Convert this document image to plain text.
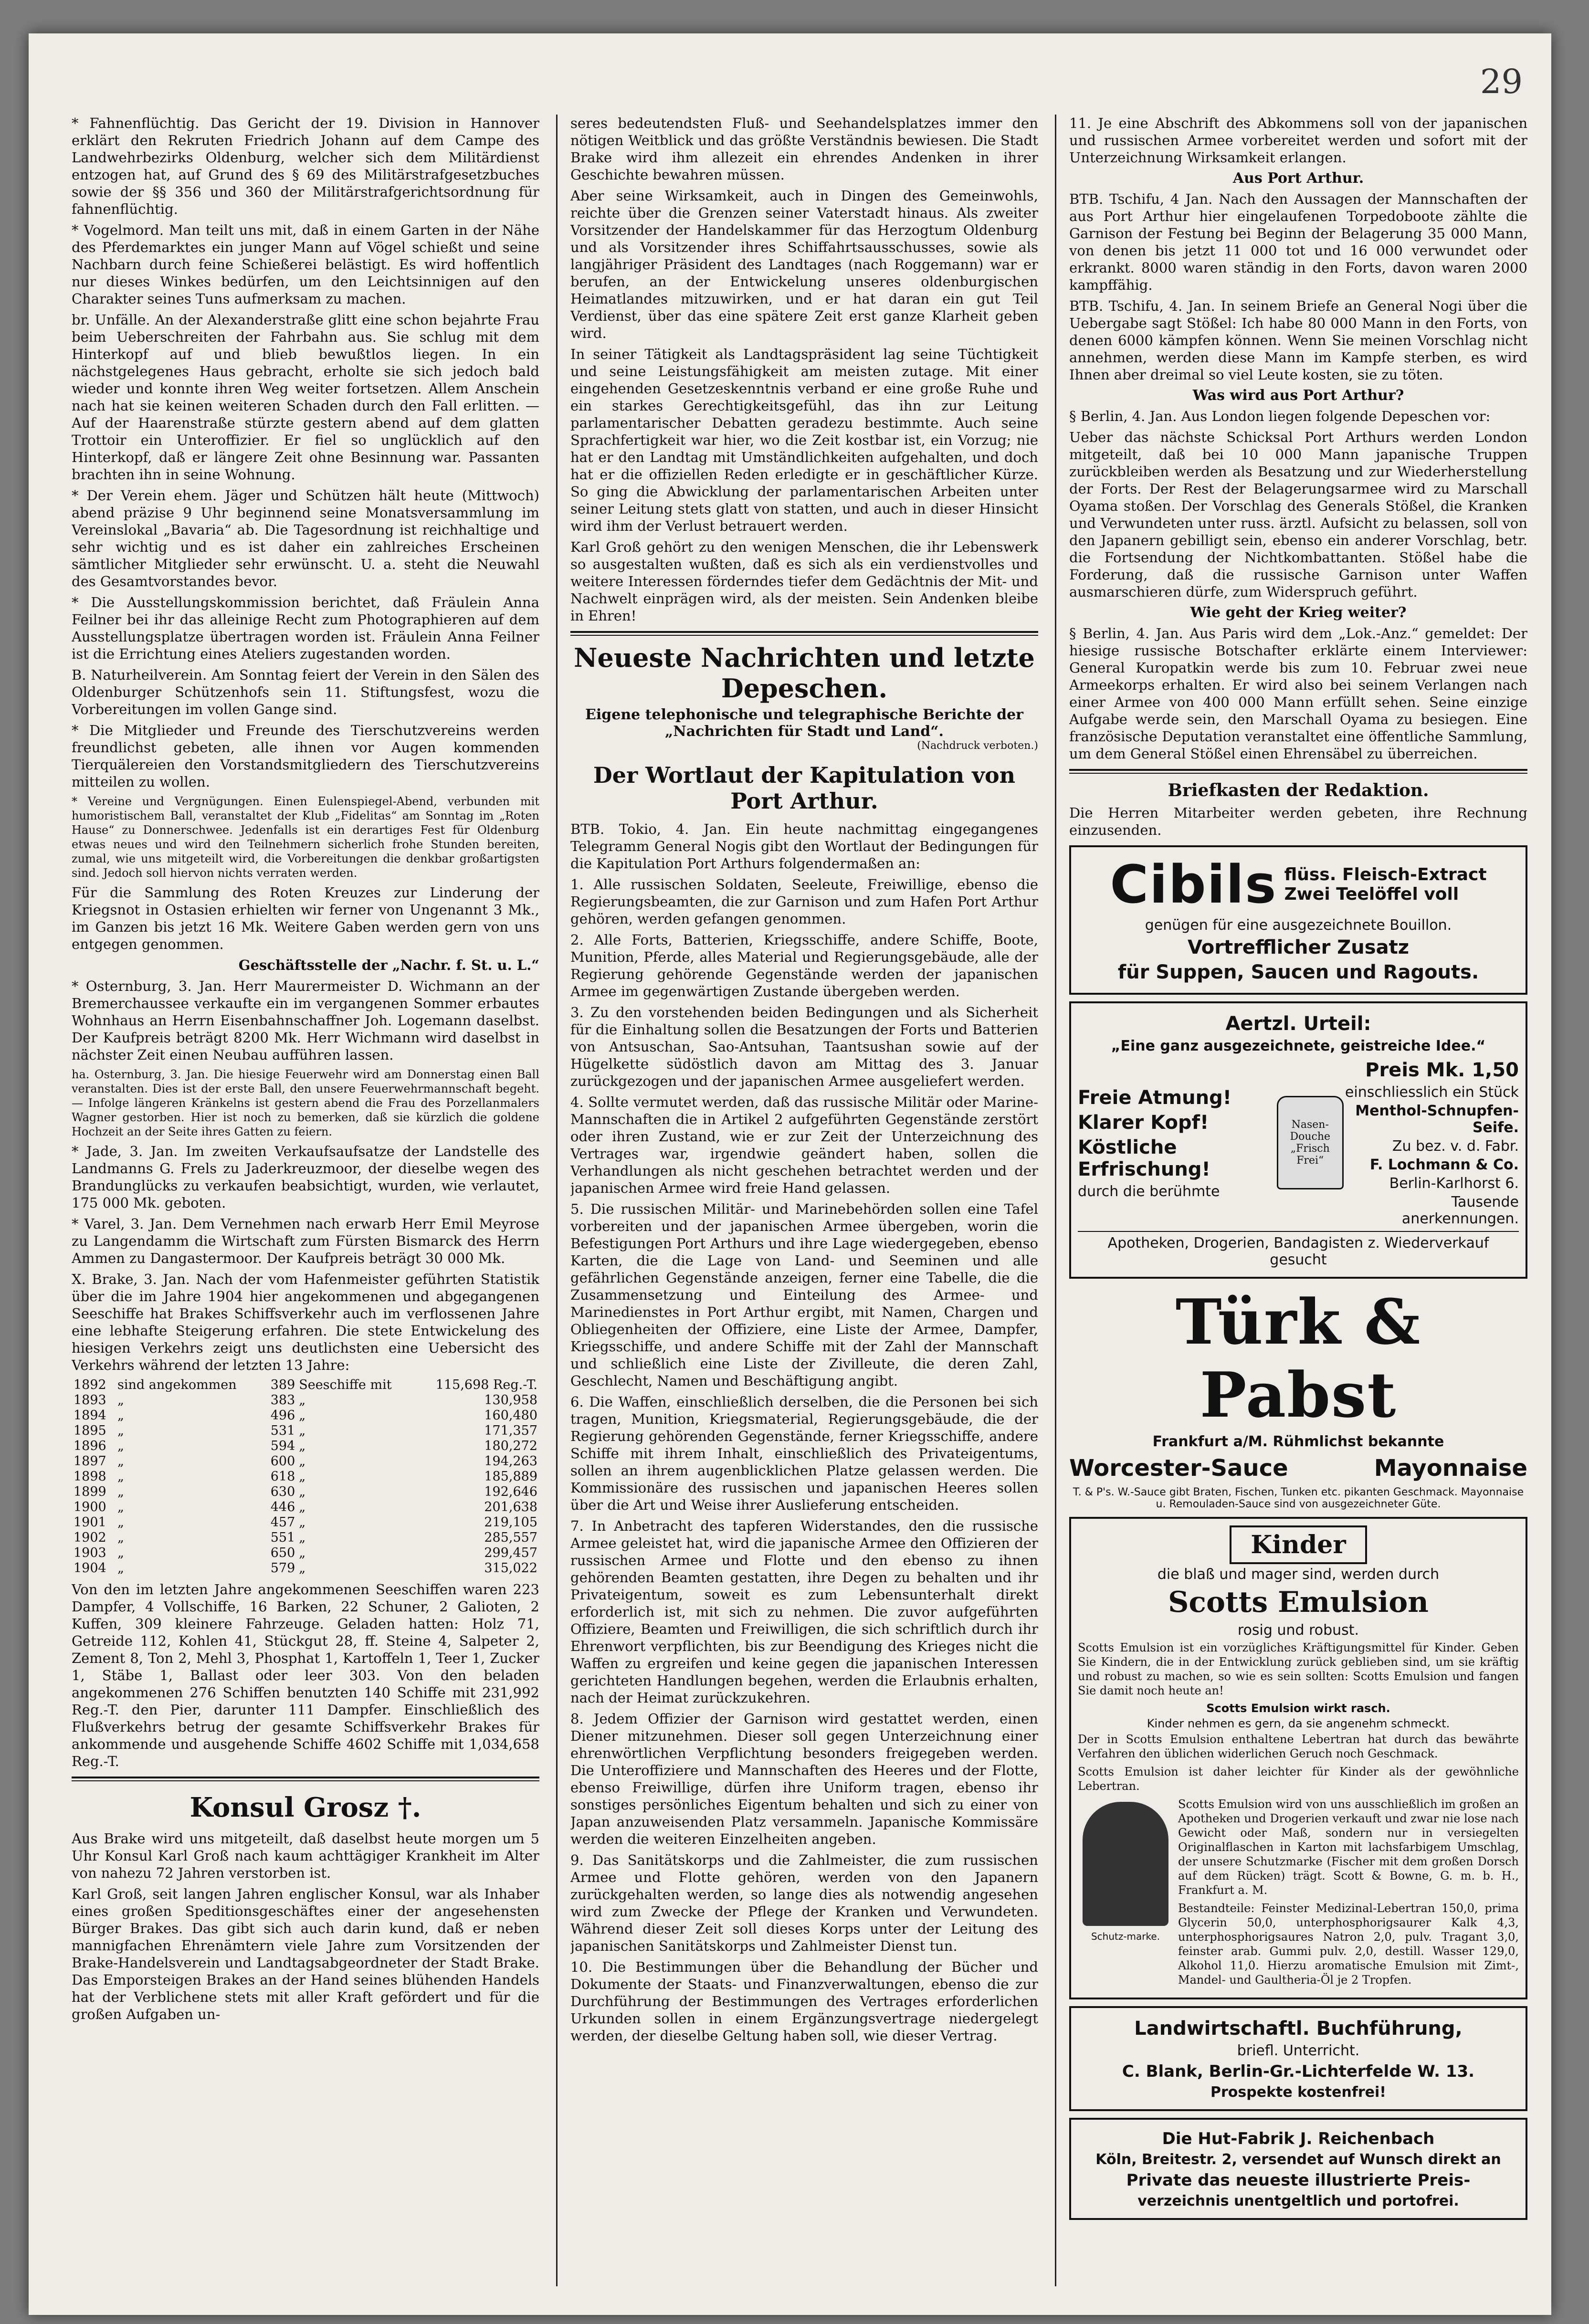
29

* Fahnenflüchtig. Das Gericht der 19. Division in Hannover erklärt den Rekruten Friedrich Johann auf dem Campe des Landwehrbezirks Oldenburg, welcher sich dem Militärdienst entzogen hat, auf Grund des § 69 des Militärstrafgesetzbuches sowie der §§ 356 und 360 der Militärstrafgerichtsordnung für fahnenflüchtig.

* Vogelmord. Man teilt uns mit, daß in einem Garten in der Nähe des Pferdemarktes ein junger Mann auf Vögel schießt und seine Nachbarn durch feine Schießerei belästigt. Es wird hoffentlich nur dieses Winkes bedürfen, um den Leichtsinnigen auf den Charakter seines Tuns aufmerksam zu machen.

br. Unfälle. An der Alexanderstraße glitt eine schon bejahrte Frau beim Ueberschreiten der Fahrbahn aus. Sie schlug mit dem Hinterkopf auf und blieb bewußtlos liegen. In ein nächstgelegenes Haus gebracht, erholte sie sich jedoch bald wieder und konnte ihren Weg weiter fortsetzen. Allem Anschein nach hat sie keinen weiteren Schaden durch den Fall erlitten. — Auf der Haarenstraße stürzte gestern abend auf dem glatten Trottoir ein Unteroffizier. Er fiel so unglücklich auf den Hinterkopf, daß er längere Zeit ohne Besinnung war. Passanten brachten ihn in seine Wohnung.

* Der Verein ehem. Jäger und Schützen hält heute (Mittwoch) abend präzise 9 Uhr beginnend seine Monatsversammlung im Vereinslokal „Bavaria“ ab. Die Tagesordnung ist reichhaltige und sehr wichtig und es ist daher ein zahlreiches Erscheinen sämtlicher Mitglieder sehr erwünscht. U. a. steht die Neuwahl des Gesamtvorstandes bevor.

* Die Ausstellungskommission berichtet, daß Fräulein Anna Feilner bei ihr das alleinige Recht zum Photographieren auf dem Ausstellungsplatze übertragen worden ist. Fräulein Anna Feilner ist die Errichtung eines Ateliers zugestanden worden.

B. Naturheilverein. Am Sonntag feiert der Verein in den Sälen des Oldenburger Schützenhofs sein 11. Stiftungsfest, wozu die Vorbereitungen im vollen Gange sind.

* Die Mitglieder und Freunde des Tierschutzvereins werden freundlichst gebeten, alle ihnen vor Augen kommenden Tierquälereien den Vorstandsmitgliedern des Tierschutzvereins mitteilen zu wollen.

* Vereine und Vergnügungen. Einen Eulenspiegel-Abend, verbunden mit humoristischem Ball, veranstaltet der Klub „Fidelitas“ am Sonntag im „Roten Hause“ zu Donnerschwee. Jedenfalls ist ein derartiges Fest für Oldenburg etwas neues und wird den Teilnehmern sicherlich frohe Stunden bereiten, zumal, wie uns mitgeteilt wird, die Vorbereitungen die denkbar großartigsten sind. Jedoch soll hiervon nichts verraten werden.

Für die Sammlung des Roten Kreuzes zur Linderung der Kriegsnot in Ostasien erhielten wir ferner von Ungenannt 3 Mk., im Ganzen bis jetzt 16 Mk. Weitere Gaben werden gern von uns entgegen genommen.

Geschäftsstelle der „Nachr. f. St. u. L.“

* Osternburg, 3. Jan. Herr Maurermeister D. Wichmann an der Bremerchaussee verkaufte ein im vergangenen Sommer erbautes Wohnhaus an Herrn Eisenbahnschaffner Joh. Logemann daselbst. Der Kaufpreis beträgt 8200 Mk. Herr Wichmann wird daselbst in nächster Zeit einen Neubau aufführen lassen.

ha. Osternburg, 3. Jan. Die hiesige Feuerwehr wird am Donnerstag einen Ball veranstalten. Dies ist der erste Ball, den unsere Feuerwehrmannschaft begeht. — Infolge längeren Kränkelns ist gestern abend die Frau des Porzellanmalers Wagner gestorben. Hier ist noch zu bemerken, daß sie kürzlich die goldene Hochzeit an der Seite ihres Gatten zu feiern.

* Jade, 3. Jan. Im zweiten Verkaufsaufsatze der Landstelle des Landmanns G. Frels zu Jaderkreuzmoor, der dieselbe wegen des Brandunglücks zu verkaufen beabsichtigt, wurden, wie verlautet, 175 000 Mk. geboten.

* Varel, 3. Jan. Dem Vernehmen nach erwarb Herr Emil Meyrose zu Langendamm die Wirtschaft zum Fürsten Bismarck des Herrn Ammen zu Dangastermoor. Der Kaufpreis beträgt 30 000 Mk.

X. Brake, 3. Jan. Nach der vom Hafenmeister geführten Statistik über die im Jahre 1904 hier angekommenen und abgegangenen Seeschiffe hat Brakes Schiffsverkehr auch im verflossenen Jahre eine lebhafte Steigerung erfahren. Die stete Entwickelung des hiesigen Verkehrs zeigt uns deutlichsten eine Uebersicht des Verkehrs während der letzten 13 Jahre:

1892	sind angekommen	389	Seeschiffe mit	115,698 Reg.-T.
1893	„	383	„	130,958
1894	„	496	„	160,480
1895	„	531	„	171,357
1896	„	594	„	180,272
1897	„	600	„	194,263
1898	„	618	„	185,889
1899	„	630	„	192,646
1900	„	446	„	201,638
1901	„	457	„	219,105
1902	„	551	„	285,557
1903	„	650	„	299,457
1904	„	579	„	315,022

Von den im letzten Jahre angekommenen Seeschiffen waren 223 Dampfer, 4 Vollschiffe, 16 Barken, 22 Schuner, 2 Galioten, 2 Kuffen, 309 kleinere Fahrzeuge. Geladen hatten: Holz 71, Getreide 112, Kohlen 41, Stückgut 28, ff. Steine 4, Salpeter 2, Zement 8, Ton 2, Mehl 3, Phosphat 1, Kartoffeln 1, Teer 1, Zucker 1, Stäbe 1, Ballast oder leer 303. Von den beladen angekommenen 276 Schiffen benutzten 140 Schiffe mit 231,992 Reg.-T. den Pier, darunter 111 Dampfer. Einschließlich des Flußverkehrs betrug der gesamte Schiffsverkehr Brakes für ankommende und ausgehende Schiffe 4602 Schiffe mit 1,034,658 Reg.-T.

Konsul Grosz †.

Aus Brake wird uns mitgeteilt, daß daselbst heute morgen um 5 Uhr Konsul Karl Groß nach kaum achttägiger Krankheit im Alter von nahezu 72 Jahren verstorben ist.

Karl Groß, seit langen Jahren englischer Konsul, war als Inhaber eines großen Speditionsgeschäftes einer der angesehensten Bürger Brakes. Das gibt sich auch darin kund, daß er neben mannigfachen Ehrenämtern viele Jahre zum Vorsitzenden der Brake-Handelsverein und Landtagsabgeordneter der Stadt Brake. Das Emporsteigen Brakes an der Hand seines blühenden Handels hat der Verblichene stets mit aller Kraft gefördert und für die großen Aufgaben un-

seres bedeutendsten Fluß- und Seehandelsplatzes immer den nötigen Weitblick und das größte Verständnis bewiesen. Die Stadt Brake wird ihm allezeit ein ehrendes Andenken in ihrer Geschichte bewahren müssen.

Aber seine Wirksamkeit, auch in Dingen des Gemeinwohls, reichte über die Grenzen seiner Vaterstadt hinaus. Als zweiter Vorsitzender der Handelskammer für das Herzogtum Oldenburg und als Vorsitzender ihres Schiffahrtsausschusses, sowie als langjähriger Präsident des Landtages (nach Roggemann) war er berufen, an der Entwickelung unseres oldenburgischen Heimatlandes mitzuwirken, und er hat daran ein gut Teil Verdienst, über das eine spätere Zeit erst ganze Klarheit geben wird.

In seiner Tätigkeit als Landtagspräsident lag seine Tüchtigkeit und seine Leistungsfähigkeit am meisten zutage. Mit einer eingehenden Gesetzeskenntnis verband er eine große Ruhe und ein starkes Gerechtigkeitsgefühl, das ihn zur Leitung parlamentarischer Debatten geradezu bestimmte. Auch seine Sprachfertigkeit war hier, wo die Zeit kostbar ist, ein Vorzug; nie hat er den Landtag mit Umständlichkeiten aufgehalten, und doch hat er die offiziellen Reden erledigte er in geschäftlicher Kürze. So ging die Abwicklung der parlamentarischen Arbeiten unter seiner Leitung stets glatt von statten, und auch in dieser Hinsicht wird ihm der Verlust betrauert werden.

Karl Groß gehört zu den wenigen Menschen, die ihr Lebenswerk so ausgestalten wußten, daß es sich als ein verdienstvolles und weitere Interessen förderndes tiefer dem Gedächtnis der Mit- und Nachwelt einprägen wird, als der meisten. Sein Andenken bleibe in Ehren!

Neueste Nachrichten und letzte Depeschen.
Eigene telephonische und telegraphische Berichte der „Nachrichten für Stadt und Land“.
(Nachdruck verboten.)
Der Wortlaut der Kapitulation von Port Arthur.

BTB. Tokio, 4. Jan. Ein heute nachmittag eingegangenes Telegramm General Nogis gibt den Wortlaut der Bedingungen für die Kapitulation Port Arthurs folgendermaßen an:

1. Alle russischen Soldaten, Seeleute, Freiwillige, ebenso die Regierungsbeamten, die zur Garnison und zum Hafen Port Arthur gehören, werden gefangen genommen.

2. Alle Forts, Batterien, Kriegsschiffe, andere Schiffe, Boote, Munition, Pferde, alles Material und Regierungsgebäude, alle der Regierung gehörende Gegenstände werden der japanischen Armee im gegenwärtigen Zustande übergeben werden.

3. Zu den vorstehenden beiden Bedingungen und als Sicherheit für die Einhaltung sollen die Besatzungen der Forts und Batterien von Antsuschan, Sao-Antsuhan, Taantsushan sowie auf der Hügelkette südöstlich davon am Mittag des 3. Januar zurückgezogen und der japanischen Armee ausgeliefert werden.

4. Sollte vermutet werden, daß das russische Militär oder Marine-Mannschaften die in Artikel 2 aufgeführten Gegenstände zerstört oder ihren Zustand, wie er zur Zeit der Unterzeichnung des Vertrages war, irgendwie geändert haben, sollen die Verhandlungen als nicht geschehen betrachtet werden und der japanischen Armee wird freie Hand gelassen.

5. Die russischen Militär- und Marinebehörden sollen eine Tafel vorbereiten und der japanischen Armee übergeben, worin die Befestigungen Port Arthurs und ihre Lage wiedergegeben, ebenso Karten, die die Lage von Land- und Seeminen und alle gefährlichen Gegenstände anzeigen, ferner eine Tabelle, die die Zusammensetzung und Einteilung des Armee- und Marinedienstes in Port Arthur ergibt, mit Namen, Chargen und Obliegenheiten der Offiziere, eine Liste der Armee, Dampfer, Kriegsschiffe, und andere Schiffe mit der Zahl der Mannschaft und schließlich eine Liste der Zivilleute, die deren Zahl, Geschlecht, Namen und Beschäftigung angibt.

6. Die Waffen, einschließlich derselben, die die Personen bei sich tragen, Munition, Kriegsmaterial, Regierungsgebäude, die der Regierung gehörenden Gegenstände, ferner Kriegsschiffe, andere Schiffe mit ihrem Inhalt, einschließlich des Privateigentums, sollen an ihrem augenblicklichen Platze gelassen werden. Die Kommissionäre des russischen und japanischen Heeres sollen über die Art und Weise ihrer Auslieferung entscheiden.

7. In Anbetracht des tapferen Widerstandes, den die russische Armee geleistet hat, wird die japanische Armee den Offizieren der russischen Armee und Flotte und den ebenso zu ihnen gehörenden Beamten gestatten, ihre Degen zu behalten und ihr Privateigentum, soweit es zum Lebensunterhalt direkt erforderlich ist, mit sich zu nehmen. Die zuvor aufgeführten Offiziere, Beamten und Freiwilligen, die sich schriftlich durch ihr Ehrenwort verpflichten, bis zur Beendigung des Krieges nicht die Waffen zu ergreifen und keine gegen die japanischen Interessen gerichteten Handlungen begehen, werden die Erlaubnis erhalten, nach der Heimat zurückzukehren.

8. Jedem Offizier der Garnison wird gestattet werden, einen Diener mitzunehmen. Dieser soll gegen Unterzeichnung einer ehrenwörtlichen Verpflichtung besonders freigegeben werden. Die Unteroffiziere und Mannschaften des Heeres und der Flotte, ebenso Freiwillige, dürfen ihre Uniform tragen, ebenso ihr sonstiges persönliches Eigentum behalten und sich zu einer von Japan anzuweisenden Platz versammeln. Japanische Kommissäre werden die weiteren Einzelheiten angeben.

9. Das Sanitätskorps und die Zahlmeister, die zum russischen Armee und Flotte gehören, werden von den Japanern zurückgehalten werden, so lange dies als notwendig angesehen wird zum Zwecke der Pflege der Kranken und Verwundeten. Während dieser Zeit soll dieses Korps unter der Leitung des japanischen Sanitätskorps und Zahlmeister Dienst tun.

10. Die Bestimmungen über die Behandlung der Bücher und Dokumente der Staats- und Finanzverwaltungen, ebenso die zur Durchführung der Bestimmungen des Vertrages erforderlichen Urkunden sollen in einem Ergänzungsvertrage niedergelegt werden, der dieselbe Geltung haben soll, wie dieser Vertrag.

11. Je eine Abschrift des Abkommens soll von der japanischen und russischen Armee vorbereitet werden und sofort mit der Unterzeichnung Wirksamkeit erlangen.

Aus Port Arthur.

BTB. Tschifu, 4 Jan. Nach den Aussagen der Mannschaften der aus Port Arthur hier eingelaufenen Torpedoboote zählte die Garnison der Festung bei Beginn der Belagerung 35 000 Mann, von denen bis jetzt 11 000 tot und 16 000 verwundet oder erkrankt. 8000 waren ständig in den Forts, davon waren 2000 kampffähig.

BTB. Tschifu, 4. Jan. In seinem Briefe an General Nogi über die Uebergabe sagt Stößel: Ich habe 80 000 Mann in den Forts, von denen 6000 kämpfen können. Wenn Sie meinen Vorschlag nicht annehmen, werden diese Mann im Kampfe sterben, es wird Ihnen aber dreimal so viel Leute kosten, sie zu töten.

Was wird aus Port Arthur?

§ Berlin, 4. Jan. Aus London liegen folgende Depeschen vor:

Ueber das nächste Schicksal Port Arthurs werden London mitgeteilt, daß bei 10 000 Mann japanische Truppen zurückbleiben werden als Besatzung und zur Wiederherstellung der Forts. Der Rest der Belagerungsarmee wird zu Marschall Oyama stoßen. Der Vorschlag des Generals Stößel, die Kranken und Verwundeten unter russ. ärztl. Aufsicht zu belassen, soll von den Japanern gebilligt sein, ebenso ein anderer Vorschlag, betr. die Fortsendung der Nichtkombattanten. Stößel habe die Forderung, daß die russische Garnison unter Waffen ausmarschieren dürfe, zum Widerspruch geführt.

Wie geht der Krieg weiter?

§ Berlin, 4. Jan. Aus Paris wird dem „Lok.-Anz.“ gemeldet: Der hiesige russische Botschafter erklärte einem Interviewer: General Kuropatkin werde bis zum 10. Februar zwei neue Armeekorps erhalten. Er wird also bei seinem Verlangen nach einer Armee von 400 000 Mann erfüllt sehen. Seine einzige Aufgabe werde sein, den Marschall Oyama zu besiegen. Eine französische Deputation veranstaltet eine öffentliche Sammlung, um dem General Stößel einen Ehrensäbel zu überreichen.

Briefkasten der Redaktion.

Die Herren Mitarbeiter werden gebeten, ihre Rechnung einzusenden.

Cibils flüss. Fleisch-Extract
Zwei Teelöffel voll
genügen für eine ausgezeichnete Bouillon.
Vortrefflicher Zusatz
für Suppen, Saucen und Ragouts.
Aertzl. Urteil:
„Eine ganz ausgezeichnete, geistreiche Idee.“
Freie Atmung!
Klarer Kopf!
Köstliche Erfrischung!
durch die berühmte
Nasen-Douche „Frisch Frei“
Preis Mk. 1,50
einschliesslich ein Stück
Menthol-Schnupfen-Seife.
Zu bez. v. d. Fabr.
F. Lochmann & Co.
Berlin-Karlhorst 6.
Tausende anerkennungen.
Apotheken, Drogerien, Bandagisten z. Wiederverkauf gesucht
Türk & Pabst
Frankfurt a/M. Rühmlichst bekannte
Worcester-Sauce	Mayonnaise
T. & P's. W.-Sauce gibt Braten, Fischen, Tunken etc. pikanten Geschmack. Mayonnaise u. Remouladen-Sauce sind von ausgezeichneter Güte.
Kinder
die blaß und mager sind, werden durch
Scotts Emulsion
rosig und robust.

Scotts Emulsion ist ein vorzügliches Kräftigungsmittel für Kinder. Geben Sie Kindern, die in der Entwicklung zurück geblieben sind, um sie kräftig und robust zu machen, so wie es sein sollten: Scotts Emulsion und fangen Sie damit noch heute an!

Scotts Emulsion wirkt rasch.
Kinder nehmen es gern, da sie angenehm schmeckt.

Der in Scotts Emulsion enthaltene Lebertran hat durch das bewährte Verfahren den üblichen widerlichen Geruch noch Geschmack.

Scotts Emulsion ist daher leichter für Kinder als der gewöhnliche Lebertran.

Schutz-marke.

Scotts Emulsion wird von uns ausschließlich im großen an Apotheken und Drogerien verkauft und zwar nie lose nach Gewicht oder Maß, sondern nur in versiegelten Originalflaschen in Karton mit lachsfarbigem Umschlag, der unsere Schutzmarke (Fischer mit dem großen Dorsch auf dem Rücken) trägt. Scott & Bowne, G. m. b. H., Frankfurt a. M.

Bestandteile: Feinster Medizinal-Lebertran 150,0, prima Glycerin 50,0, unterphosphorigsaurer Kalk 4,3, unterphosphorigsaures Natron 2,0, pulv. Tragant 3,0, feinster arab. Gummi pulv. 2,0, destill. Wasser 129,0, Alkohol 11,0. Hierzu aromatische Emulsion mit Zimt-, Mandel- und Gaultheria-Öl je 2 Tropfen.

Landwirtschaftl. Buchführung,
briefl. Unterricht.
C. Blank, Berlin-Gr.-Lichterfelde W. 13.
Prospekte kostenfrei!
Die Hut-Fabrik J. Reichenbach
Köln, Breitestr. 2, versendet auf Wunsch direkt an
Private das neueste illustrierte Preis-
verzeichnis unentgeltlich und portofrei.
